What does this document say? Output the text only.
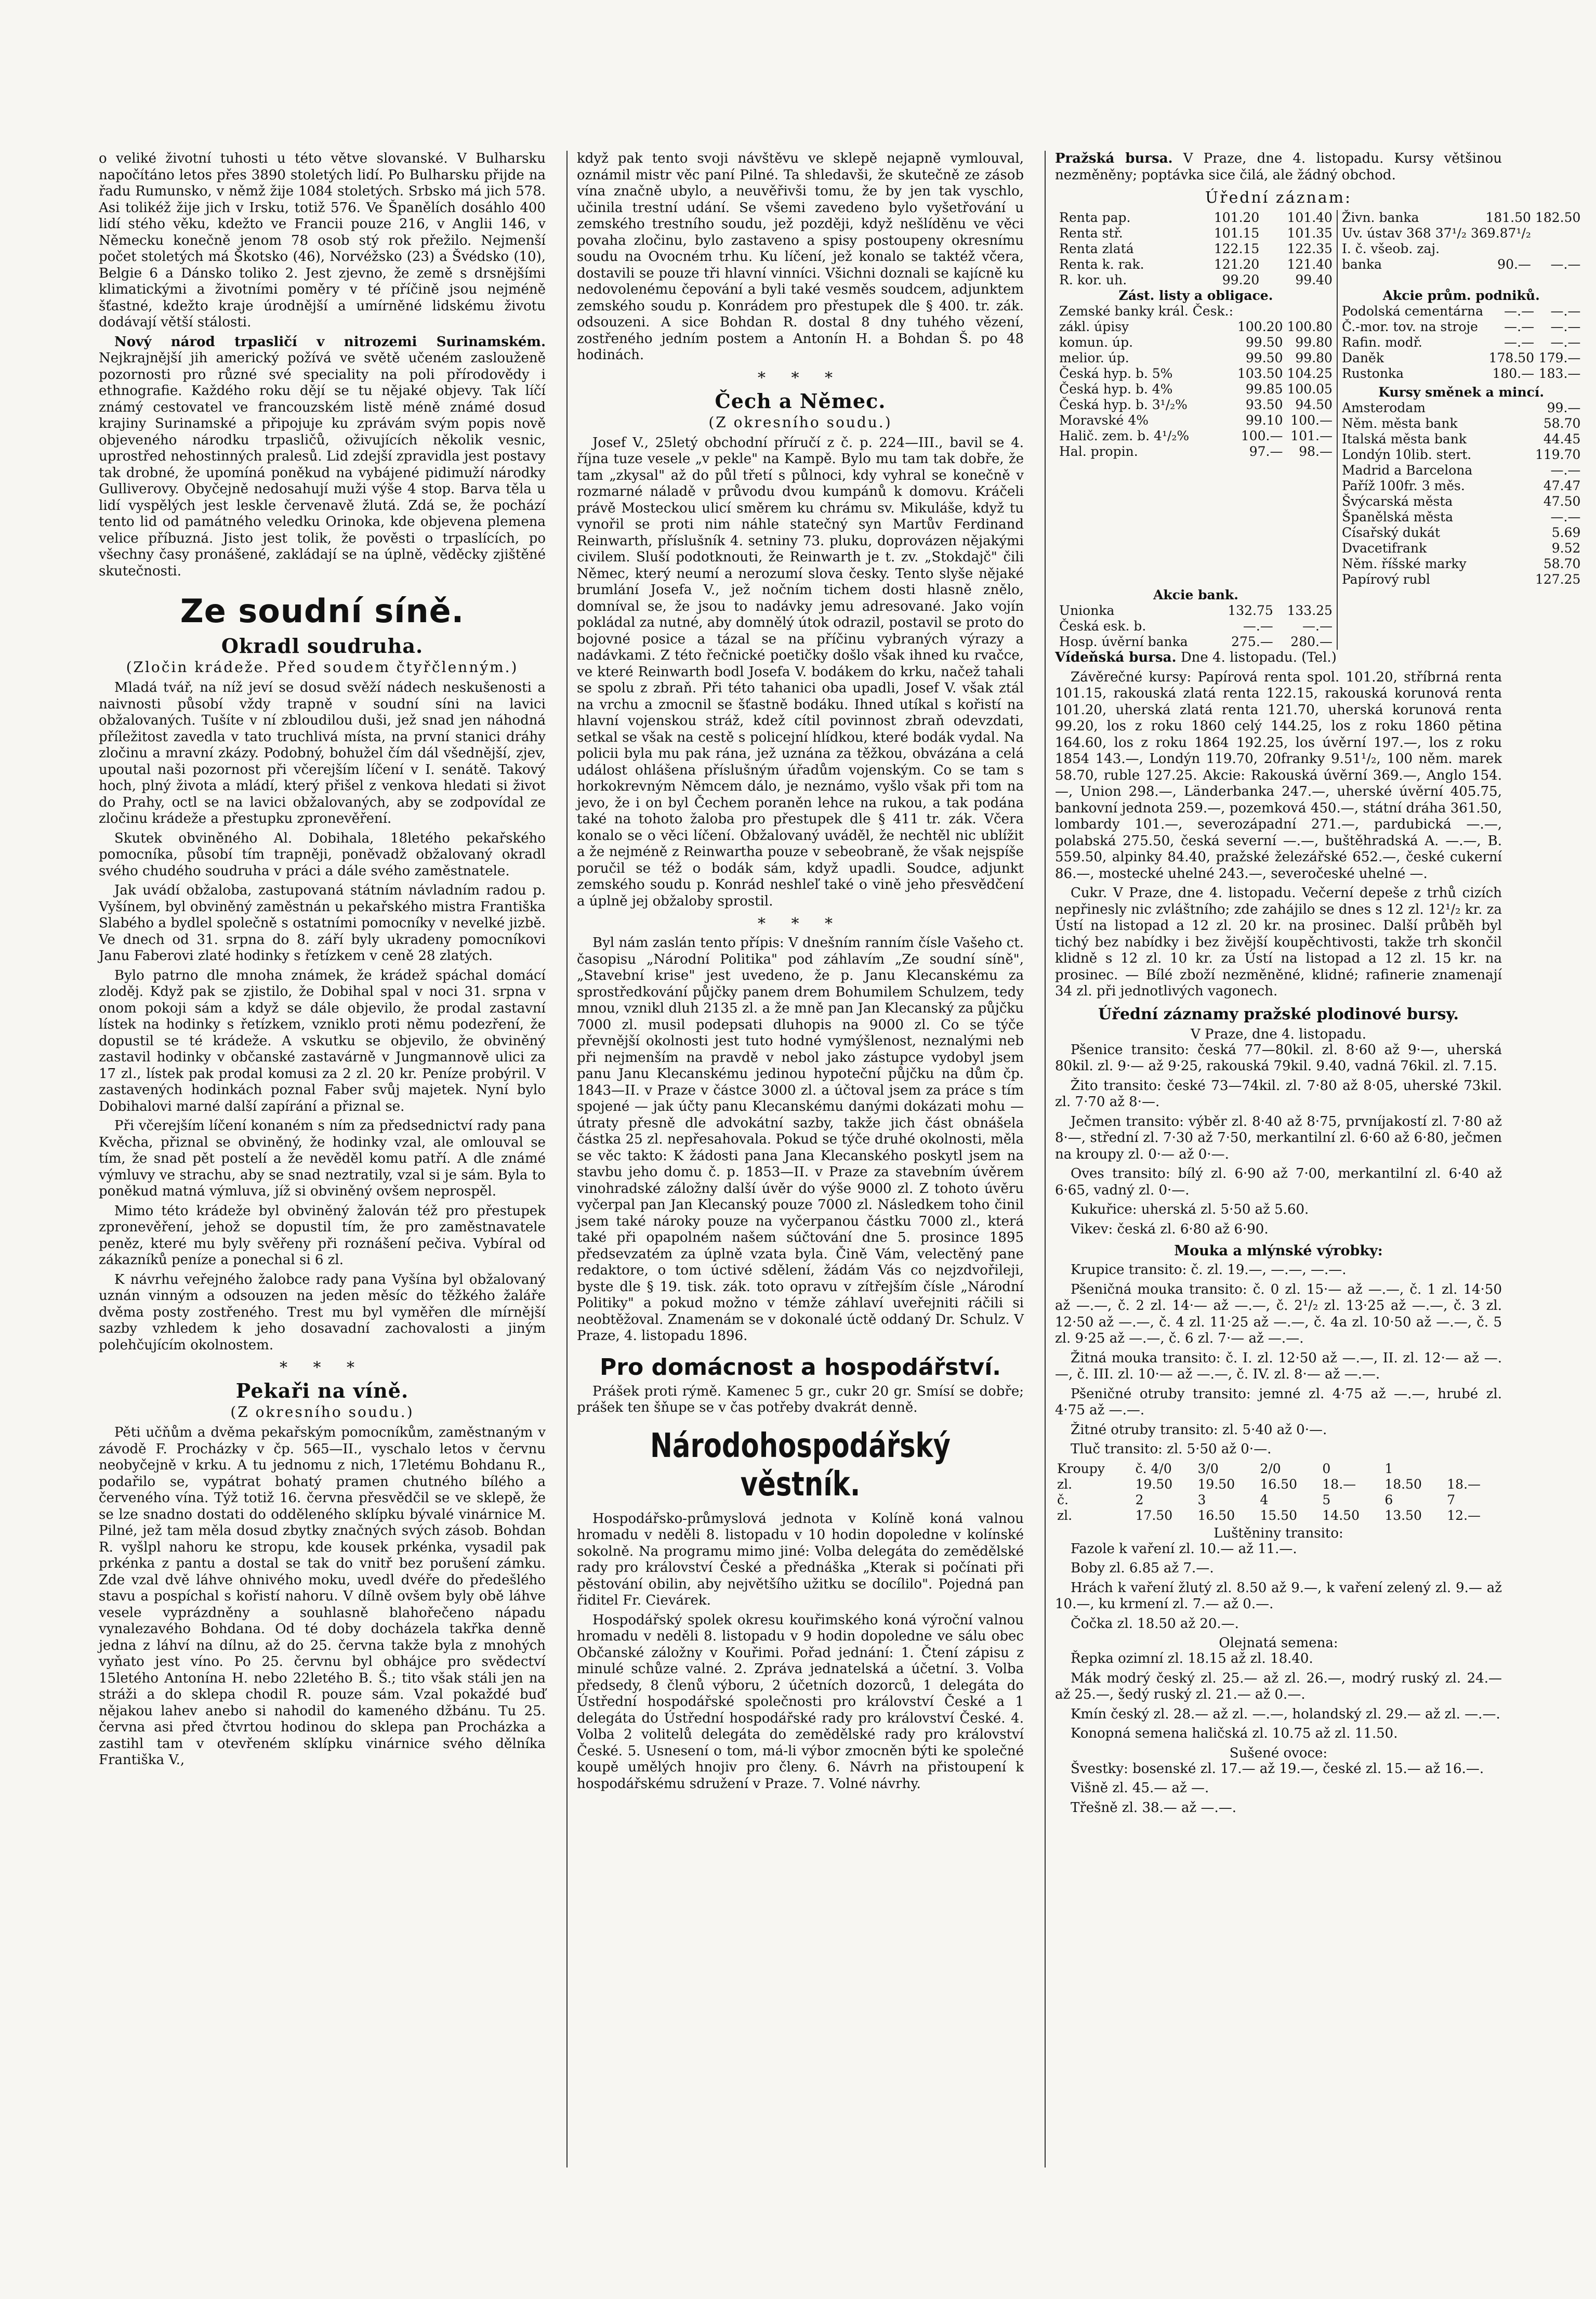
o veliké životní tuhosti u této větve slovanské. V Bulharsku napočítáno letos přes 3890 stoletých lidí. Po Bulharsku přijde na řadu Rumunsko, v němž žije 1084 stoletých. Srbsko má jich 578. Asi tolikéž žije jich v Irsku, totiž 576. Ve Španělích dosáhlo 400 lidí stého věku, kdežto ve Francii pouze 216, v Anglii 146, v Německu konečně jenom 78 osob stý rok přežilo. Nejmenší počet stoletých má Škotsko (46), Norvéžsko (23) a Švédsko (10), Belgie 6 a Dánsko toliko 2. Jest zjevno, že země s drsnějšími klimatickými a životními poměry v té příčině jsou nejméně šťastné, kdežto kraje úrodnější a umírněné lidskému životu dodávají větší stálosti.

Nový národ trpasličí v nitrozemi Surinamském. Nejkrajnější jih americký požívá ve světě učeném zaslouženě pozornosti pro různé své speciality na poli přírodovědy i ethnografie. Každého roku dějí se tu nějaké objevy. Tak líčí známý cestovatel ve francouzském listě méně známé dosud krajiny Surinamské a připojuje ku zprávám svým popis nově objeveného národku trpasličů, oživujících několik vesnic, uprostřed nehostinných pralesů. Lid zdejší zpravidla jest postavy tak drobné, že upomíná poněkud na vybájené pidimuží národky Gulliverovy. Obyčejně nedosahují muži výše 4 stop. Barva těla u lidí vyspělých jest leskle červenavě žlutá. Zdá se, že pochází tento lid od památného veledku Orinoka, kde objevena plemena velice příbuzná. Jisto jest tolik, že pověsti o trpaslících, po všechny časy pronášené, zakládají se na úplně, věděcky zjištěné skutečnosti.

Ze soudní síně.
Okradl soudruha.
(Zločin krádeže. Před soudem čtyřčlenným.)

Mladá tvář, na níž jeví se dosud svěží nádech neskušenosti a naivnosti působí vždy trapně v soudní síni na lavici obžalovaných. Tušíte v ní zbloudilou duši, jež snad jen náhodná příležitost zavedla v tato truchlivá místa, na první stanici dráhy zločinu a mravní zkázy. Podobný, bohužel čím dál všednější, zjev, upoutal naši pozornost při včerejším líčení v I. senátě. Takový hoch, plný života a mládí, který přišel z venkova hledati si život do Prahy, octl se na lavici obžalovaných, aby se zodpovídal ze zločinu krádeže a přestupku zpronevěření.

Skutek obviněného Al. Dobihala, 18letého pekařského pomocníka, působí tím trapněji, poněvadž obžalovaný okradl svého chudého soudruha v práci a dále svého zaměstnatele.

Jak uvádí obžaloba, zastupovaná státním návladním radou p. Vyšínem, byl obviněný zaměstnán u pekařského mistra Františka Slabého a bydlel společně s ostatními pomocníky v nevelké jizbě. Ve dnech od 31. srpna do 8. září byly ukradeny pomocníkovi Janu Faberovi zlaté hodinky s řetízkem v ceně 28 zlatých.

Bylo patrno dle mnoha známek, že krádež spáchal domácí zloděj. Když pak se zjistilo, že Dobihal spal v noci 31. srpna v onom pokoji sám a když se dále objevilo, že prodal zastavní lístek na hodinky s řetízkem, vzniklo proti němu podezření, že dopustil se té krádeže. A vskutku se objevilo, že obviněný zastavil hodinky v občanské zastavárně v Jungmannově ulici za 17 zl., lístek pak prodal komusi za 2 zl. 20 kr. Peníze probýril. V zastavených hodinkách poznal Faber svůj majetek. Nyní bylo Dobihalovi marné další zapírání a přiznal se.

Při včerejším líčení konaném s ním za předsednictví rady pana Kvěcha, přiznal se obviněný, že hodinky vzal, ale omlouval se tím, že snad pět postelí a že nevěděl komu patří. A dle známé výmluvy ve strachu, aby se snad neztratily, vzal si je sám. Byla to poněkud matná výmluva, jíž si obviněný ovšem neprospěl.

Mimo této krádeže byl obviněný žalován též pro přestupek zpronevěření, jehož se dopustil tím, že pro zaměstnavatele peněz, které mu byly svěřeny při roznášení pečiva. Vybíral od zákazníků peníze a ponechal si 6 zl.

K návrhu veřejného žalobce rady pana Vyšína byl obžalovaný uznán vinným a odsouzen na jeden měsíc do těžkého žaláře dvěma posty zostřeného. Trest mu byl vyměřen dle mírnější sazby vzhledem k jeho dosavadní zachovalosti a jiným polehčujícím okolnostem.

* * *
Pekaři na víně.
(Z okresního soudu.)

Pěti učňům a dvěma pekařským pomocníkům, zaměstnaným v závodě F. Procházky v čp. 565—II., vyschalo letos v červnu neobyčejně v krku. A tu jednomu z nich, 17letému Bohdanu R., podařilo se, vypátrat bohatý pramen chutného bílého a červeného vína. Týž totiž 16. června přesvědčil se ve sklepě, že se lze snadno dostati do odděleného sklípku bývalé vinárnice M. Pilné, jež tam měla dosud zbytky značných svých zásob. Bohdan R. vyšlpl nahoru ke stropu, kde kousek prkénka, vysadil pak prkénka z pantu a dostal se tak do vnitř bez porušení zámku. Zde vzal dvě láhve ohnivého moku, uvedl dvéře do předešlého stavu a pospíchal s kořistí nahoru. V dílně ovšem byly obě láhve vesele vyprázdněny a souhlasně blahořečeno nápadu vynalezavého Bohdana. Od té doby docházela takřka denně jedna z láhví na dílnu, až do 25. června takže byla z mnohých vyňato jest víno. Po 25. červnu byl obhájce pro svědectví 15letého Antonína H. nebo 22letého B. Š.; tito však stáli jen na stráži a do sklepa chodil R. pouze sám. Vzal pokaždé buď nějakou lahev anebo si nahodil do kameného džbánu. Tu 25. června asi před čtvrtou hodinou do sklepa pan Procházka a zastihl tam v otevřeném sklípku vinárnice svého dělníka Františka V.,

když pak tento svoji návštěvu ve sklepě nejapně vymlouval, oznámil mistr věc paní Pilné. Ta shledavši, že skutečně ze zásob vína značně ubylo, a neuvěřivši tomu, že by jen tak vyschlo, učinila trestní udání. Se všemi zavedeno bylo vyšetřování u zemského trestního soudu, jež později, když nešlíděnu ve věci povaha zločinu, bylo zastaveno a spisy postoupeny okresnímu soudu na Ovocném trhu. Ku líčení, jež konalo se taktéž včera, dostavili se pouze tři hlavní vinníci. Všichni doznali se kajícně ku nedovolenému čepování a byli také vesměs soudcem, adjunktem zemského soudu p. Konrádem pro přestupek dle § 400. tr. zák. odsouzeni. A sice Bohdan R. dostal 8 dny tuhého vězení, zostřeného jedním postem a Antonín H. a Bohdan Š. po 48 hodinách.

* * *
Čech a Němec.
(Z okresního soudu.)

Josef V., 25letý obchodní příručí z č. p. 224—III., bavil se 4. října tuze vesele „v pekle" na Kampě. Bylo mu tam tak dobře, že tam „zkysal" až do půl třetí s půlnoci, kdy vyhral se konečně v rozmarné náladě v průvodu dvou kumpánů k domovu. Kráčeli právě Mosteckou ulicí směrem ku chrámu sv. Mikuláše, když tu vynořil se proti nim náhle statečný syn Martův Ferdinand Reinwarth, příslušník 4. setniny 73. pluku, doprovázen nějakými civilem. Sluší podotknouti, že Reinwarth je t. zv. „Stokdajč" čili Němec, který neumí a nerozumí slova česky. Tento slyše nějaké brumlání Josefa V., jež nočním tichem dosti hlasně znělo, domníval se, že jsou to nadávky jemu adresované. Jako vojín pokládal za nutné, aby domnělý útok odrazil, postavil se proto do bojovné posice a tázal se na příčinu vybraných výrazy a nadávkami. Z této řečnické poetičky došlo však ihned ku rvačce, ve které Reinwarth bodl Josefa V. bodákem do krku, načež tahali se spolu z zbraň. Při této tahanici oba upadli, Josef V. však ztál na vrchu a zmocnil se šťastně bodáku. Ihned utíkal s kořistí na hlavní vojenskou stráž, kdež cítil povinnost zbraň odevzdati, setkal se však na cestě s policejní hlídkou, které bodák vydal. Na policii byla mu pak rána, jež uznána za těžkou, obvázána a celá událost ohlášena příslušným úřadům vojenským. Co se tam s horkokrevným Němcem dálo, je neznámo, vyšlo však při tom na jevo, že i on byl Čechem poraněn lehce na rukou, a tak podána také na tohoto žaloba pro přestupek dle § 411 tr. zák. Včera konalo se o věci líčení. Obžalovaný uváděl, že nechtěl nic ublížit a že nejméně z Reinwartha pouze v sebeobraně, že však nejspíše poručil se též o bodák sám, když upadli. Soudce, adjunkt zemského soudu p. Konrád neshleľ také o vině jeho přesvědčení a úplně jej obžaloby sprostil.

* * *

Byl nám zaslán tento přípis: V dnešním ranním čísle Vašeho ct. časopisu „Národní Politika" pod záhlavím „Ze soudní síně", „Stavební krise" jest uvedeno, že p. Janu Klecanskému za sprostředkování půjčky panem drem Bohumilem Schulzem, tedy mnou, vznikl dluh 2135 zl. a že mně pan Jan Klecanský za půjčku 7000 zl. musil podepsati dluhopis na 9000 zl. Co se týče převnější okolnosti jest tuto hodné vymýšlenost, neznalými neb při nejmenším na pravdě v nebol jako zástupce vydobyl jsem panu Janu Klecanskému jedinou hypoteční půjčku na dům čp. 1843—II. v Praze v částce 3000 zl. a účtoval jsem za práce s tím spojené — jak účty panu Klecanskému danými dokázati mohu — útraty přesně dle advokátní sazby, takže jich část obnášela částka 25 zl. nepřesahovala. Pokud se týče druhé okolnosti, měla se věc takto: K žádosti pana Jana Klecanského poskytl jsem na stavbu jeho domu č. p. 1853—II. v Praze za stavebním úvěrem vinohradské záložny další úvěr do výše 9000 zl. Z tohoto úvěru vyčerpal pan Jan Klecanský pouze 7000 zl. Následkem toho činil jsem také nároky pouze na vyčerpanou částku 7000 zl., která také při opapolném našem súčtování dne 5. prosince 1895 předsevzatém za úplně vzata byla. Čině Vám, velectěný pane redaktore, o tom úctivé sdělení, žádám Vás co nejzdvořileji, byste dle § 19. tisk. zák. toto opravu v zítřejším čísle „Národní Politiky" a pokud možno v témže záhlaví uveřejniti ráčili si neobtěžoval. Znamenám se v dokonalé úctě oddaný Dr. Schulz. V Praze, 4. listopadu 1896.

Pro domácnost a hospodářství.

Prášek proti rýmě. Kamenec 5 gr., cukr 20 gr. Smísí se dobře; prášek ten šňupe se v čas potřeby dvakrát denně.

Národohospodářský věstník.

Hospodářsko-průmyslová jednota v Kolíně koná valnou hromadu v neděli 8. listopadu v 10 hodin dopoledne v kolínské sokolně. Na programu mimo jiné: Volba delegáta do zemědělské rady pro království České a přednáška „Kterak si počínati při pěstování obilin, aby největšího užitku se docílilo". Pojedná pan řiditel Fr. Cievárek.

Hospodářský spolek okresu kouřimského koná výroční valnou hromadu v neděli 8. listopadu v 9 hodin dopoledne ve sálu obec Občanské záložny v Kouřimi. Pořad jednání: 1. Čtení zápisu z minulé schůze valné. 2. Zpráva jednatelská a účetní. 3. Volba předsedy, 8 členů výboru, 2 účetních dozorců, 1 delegáta do Ústřední hospodářské společnosti pro království České a 1 delegáta do Ústřední hospodářské rady pro království České. 4. Volba 2 volitelů delegáta do zemědělské rady pro království České. 5. Usnesení o tom, má-li výbor zmocněn býti ke společné koupě umělých hnojiv pro členy. 6. Návrh na přistoupení k hospodářskému sdružení v Praze. 7. Volné návrhy.

Pražská bursa. V Praze, dne 4. listopadu. Kursy většinou nezměněny; poptávka sice čilá, ale žádný obchod.

Úřední záznam:
Renta pap.	101.20	101.40
Renta stř.	101.15	101.35
Renta zlatá	122.15	122.35
Renta k. rak.	121.20	121.40
R. kor. uh.	99.20	99.40

Živn. banka	181.50	182.50
Uv. ústav 368 37¹/₂	369.87¹/₂	
I. č. všeob. zaj.		
banka	90.—	—.—

Zást. listy a obligace.	Akcie prům. podniků.

Zemské banky král. Česk.:		
zákl. úpisy	100.20	100.80
komun. úp.	99.50	99.80
melior. úp.	99.50	99.80
Česká hyp. b. 5%	103.50	104.25
Česká hyp. b. 4%	99.85	100.05
Česká hyp. b. 3¹/₂%	93.50	94.50
Moravské 4%	99.10	100.—
Halič. zem. b. 4¹/₂%	100.—	101.—
Hal. propin.	97.—	98.—

Podolská cementárna	—.—	—.—
Č.-mor. tov. na stroje	—.—	—.—
Rafin. modř.	—.—	—.—
Daněk	178.50	179.—
Rustonka	180.—	183.—
Kursy směnek a mincí.
Amsterodam	99.—
Něm. města bank	58.70
Italská města bank	44.45
Londýn 10lib. stert.	119.70
Madrid a Barcelona	—.—
Paříž 100fr. 3 měs.	47.47
Švýcarská města	47.50
Španělská města	—.—
Císařský dukát	5.69
Dvacetifrank	9.52
Něm. říšské marky	58.70
Papírový rubl	127.25

Akcie bank.
Unionka	132.75	133.25
Česká esk. b.	—.—	—.—
Hosp. úvěrní banka	275.—	280.—

Vídeňská bursa. Dne 4. listopadu. (Tel.)

Závěrečné kursy: Papírová renta spol. 101.20, stříbrná renta 101.15, rakouská zlatá renta 122.15, rakouská korunová renta 101.20, uherská zlatá renta 121.70, uherská korunová renta 99.20, los z roku 1860 celý 144.25, los z roku 1860 pětina 164.60, los z roku 1864 192.25, los úvěrní 197.—, los z roku 1854 143.—, Londýn 119.70, 20franky 9.51¹/₂, 100 něm. marek 58.70, ruble 127.25. Akcie: Rakouská úvěrní 369.—, Anglo 154.—, Union 298.—, Länderbanka 247.—, uherské úvěrní 405.75, bankovní jednota 259.—, pozemková 450.—, státní dráha 361.50, lombardy 101.—, severozápadní 271.—, pardubická —.—, polabská 275.50, česká severní —.—, buštěhradská A. —.—, B. 559.50, alpinky 84.40, pražské železářské 652.—, české cukerní 86.—, mostecké uhelné 243.—, severočeské uhelné —.

Cukr. V Praze, dne 4. listopadu. Večerní depeše z trhů cizích nepřinesly nic zvláštního; zde zahájilo se dnes s 12 zl. 12¹/₂ kr. za Ústí na listopad a 12 zl. 20 kr. na prosinec. Další průběh byl tichý bez nabídky i bez živější koupěchtivosti, takže trh skončil klidně s 12 zl. 10 kr. za Ústí na listopad a 12 zl. 15 kr. na prosinec. — Bílé zboží nezměněné, klidné; rafinerie znamenají 34 zl. při jednotlivých vagonech.

Úřední záznamy pražské plodinové bursy.
V Praze, dne 4. listopadu.

Pšenice transito: česká 77—80kil. zl. 8·60 až 9·—, uherská 80kil. zl. 9·— až 9·25, rakouská 79kil. 9.40, vadná 76kil. zl. 7.15.

Žito transito: české 73—74kil. zl. 7·80 až 8·05, uherské 73kil. zl. 7·70 až 8·—.

Ječmen transito: výběr zl. 8·40 až 8·75, prvníjakostí zl. 7·80 až 8·—, střední zl. 7·30 až 7·50, merkantilní zl. 6·60 až 6·80, ječmen na kroupy zl. 0·— až 0·—.

Oves transito: bílý zl. 6·90 až 7·00, merkantilní zl. 6·40 až 6·65, vadný zl. 0·—.

Kukuřice: uherská zl. 5·50 až 5.60.

Vikev: česká zl. 6·80 až 6·90.

Mouka a mlýnské výrobky:

Krupice transito: č. zl. 19.—, —.—, —.—.

Pšeničná mouka transito: č. 0 zl. 15·— až —.—, č. 1 zl. 14·50 až —.—, č. 2 zl. 14·— až —.—, č. 2¹/₂ zl. 13·25 až —.—, č. 3 zl. 12·50 až —.—, č. 4 zl. 11·25 až —.—, č. 4a zl. 10·50 až —.—, č. 5 zl. 9·25 až —.—, č. 6 zl. 7·— až —.—.

Žitná mouka transito: č. I. zl. 12·50 až —.—, II. zl. 12·— až —.—, č. III. zl. 10·— až —.—, č. IV. zl. 8·— až —.—.

Pšeničné otruby transito: jemné zl. 4·75 až —.—, hrubé zl. 4·75 až —.—.

Žitné otruby transito: zl. 5·40 až 0·—.

Tluč transito: zl. 5·50 až 0·—.

Kroupy	č. 4/0	3/0	2/0	0	1	
zl.	19.50	19.50	16.50	18.—	18.50	18.—
č.	2	3	4	5	6	7
zl.	17.50	16.50	15.50	14.50	13.50	12.—
Luštěniny transito:

Fazole k vaření zl. 10.— až 11.—.

Boby zl. 6.85 až 7.—.

Hrách k vaření žlutý zl. 8.50 až 9.—, k vaření zelený zl. 9.— až 10.—, ku krmení zl. 7.— až 0.—.

Čočka zl. 18.50 až 20.—.

Olejnatá semena:

Řepka ozimní zl. 18.15 až zl. 18.40.

Mák modrý český zl. 25.— až zl. 26.—, modrý ruský zl. 24.— až 25.—, šedý ruský zl. 21.— až 0.—.

Kmín český zl. 28.— až zl. —.—, holandský zl. 29.— až zl. —.—.

Konopná semena haličská zl. 10.75 až zl. 11.50.

Sušené ovoce:

Švestky: bosenské zl. 17.— až 19.—, české zl. 15.— až 16.—.

Višně zl. 45.— až —.

Třešně zl. 38.— až —.—.
